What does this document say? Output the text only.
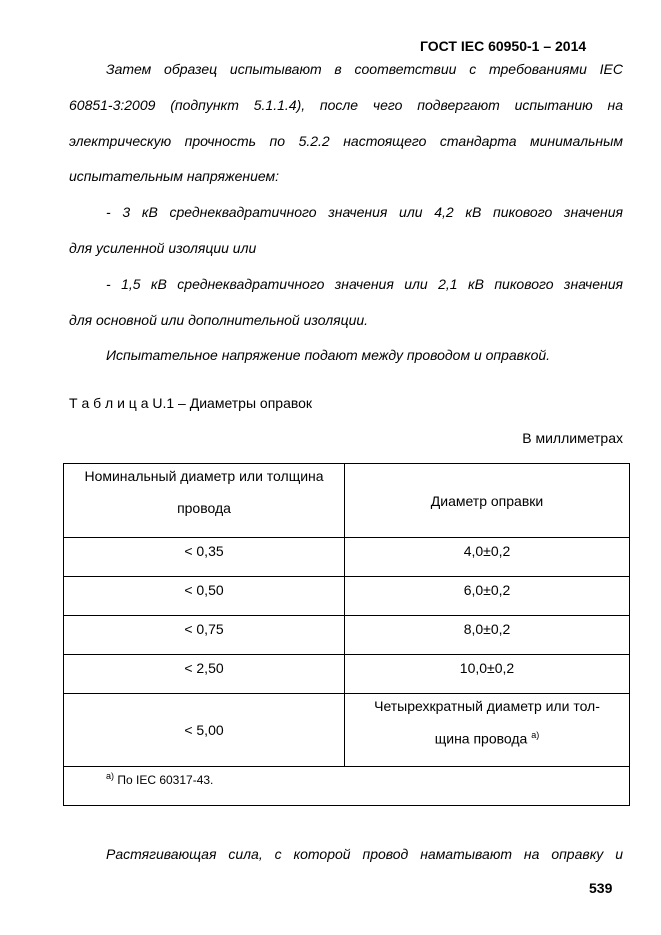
ГОСТ IEC 60950-1 – 2014
Затем образец испытывают в соответствии с требованиями IEC
60851-3:2009 (подпункт 5.1.1.4), после чего подвергают испытанию на
электрическую прочность по 5.2.2 настоящего стандарта минимальным
испытательным напряжением:
- 3 кВ среднеквадратичного значения или 4,2 кВ пикового значения
для усиленной изоляции или
- 1,5 кВ среднеквадратичного значения или 2,1 кВ пикового значения
для основной или дополнительной изоляции.
Испытательное напряжение подают между проводом и оправкой.
Т а б л и ц а U.1 – Диаметры оправок
В миллиметрах
Номинальный диаметр или толщина
провода	Диаметр оправки
< 0,35	4,0±0,2
< 0,50	6,0±0,2
< 0,75	8,0±0,2
< 2,50	10,0±0,2
< 5,00	Четырехкратный диаметр или тол-
щина провода $^{а)}$

$^{а)}$ По IEC 60317-43.	
Растягивающая сила, с которой провод наматывают на оправку и
539
